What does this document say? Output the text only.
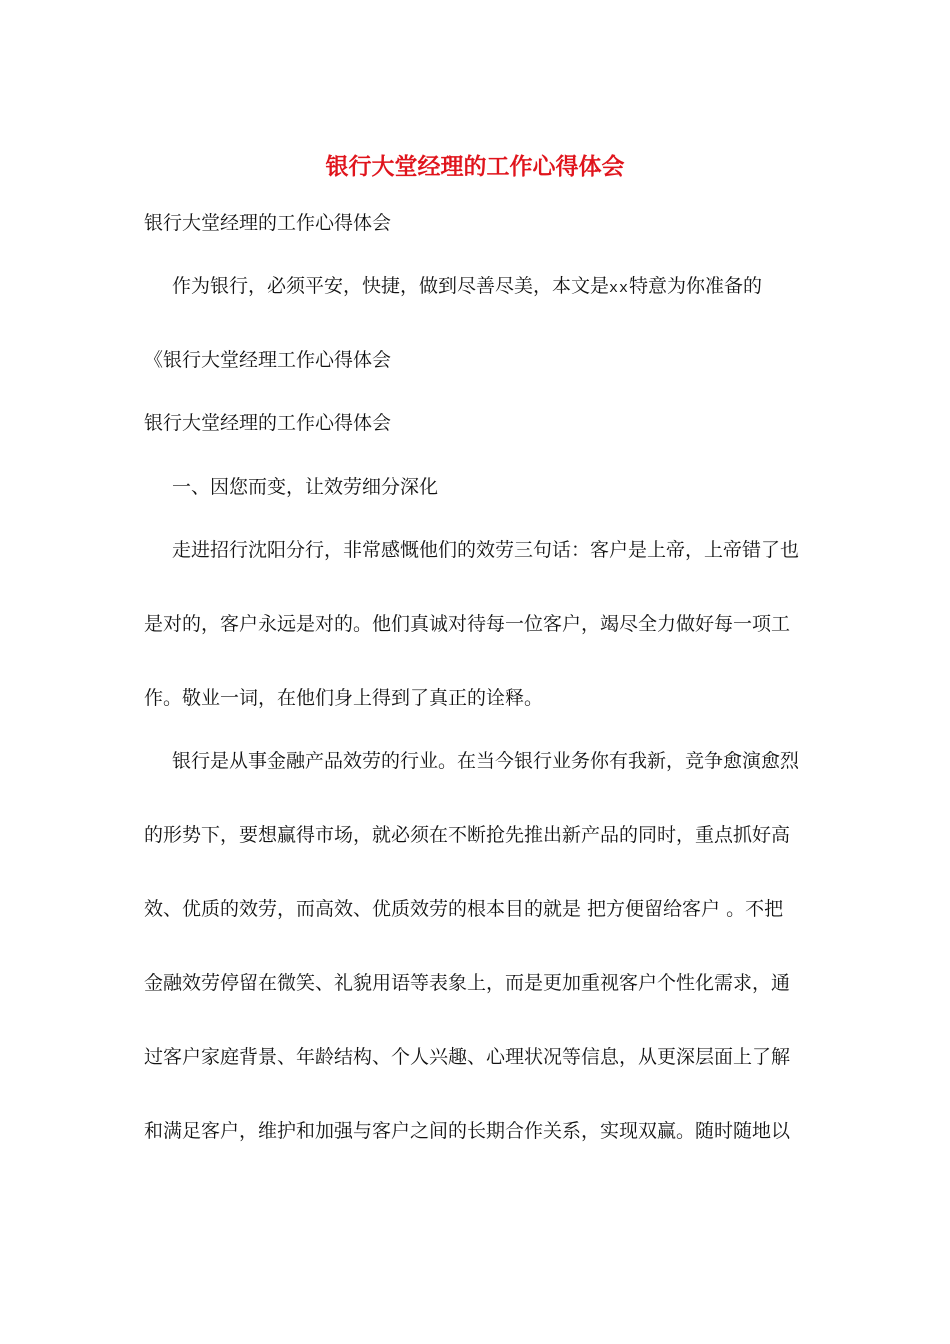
银行大堂经理的工作心得体会

银行大堂经理的工作心得体会

作为银行，必须平安，快捷，做到尽善尽美，本文是xx特意为你准备的

《银行大堂经理工作心得体会

银行大堂经理的工作心得体会

一、因您而变，让效劳细分深化

走进招行沈阳分行，非常感慨他们的效劳三句话：客户是上帝，上帝错了也

是对的，客户永远是对的。他们真诚对待每一位客户，竭尽全力做好每一项工

作。敬业一词，在他们身上得到了真正的诠释。

银行是从事金融产品效劳的行业。在当今银行业务你有我新，竞争愈演愈烈

的形势下，要想赢得市场，就必须在不断抢先推出新产品的同时，重点抓好高

效、优质的效劳，而高效、优质效劳的根本目的就是 把方便留给客户 。不把

金融效劳停留在微笑、礼貌用语等表象上，而是更加重视客户个性化需求，通

过客户家庭背景、年龄结构、个人兴趣、心理状况等信息，从更深层面上了解

和满足客户，维护和加强与客户之间的长期合作关系，实现双赢。随时随地以
